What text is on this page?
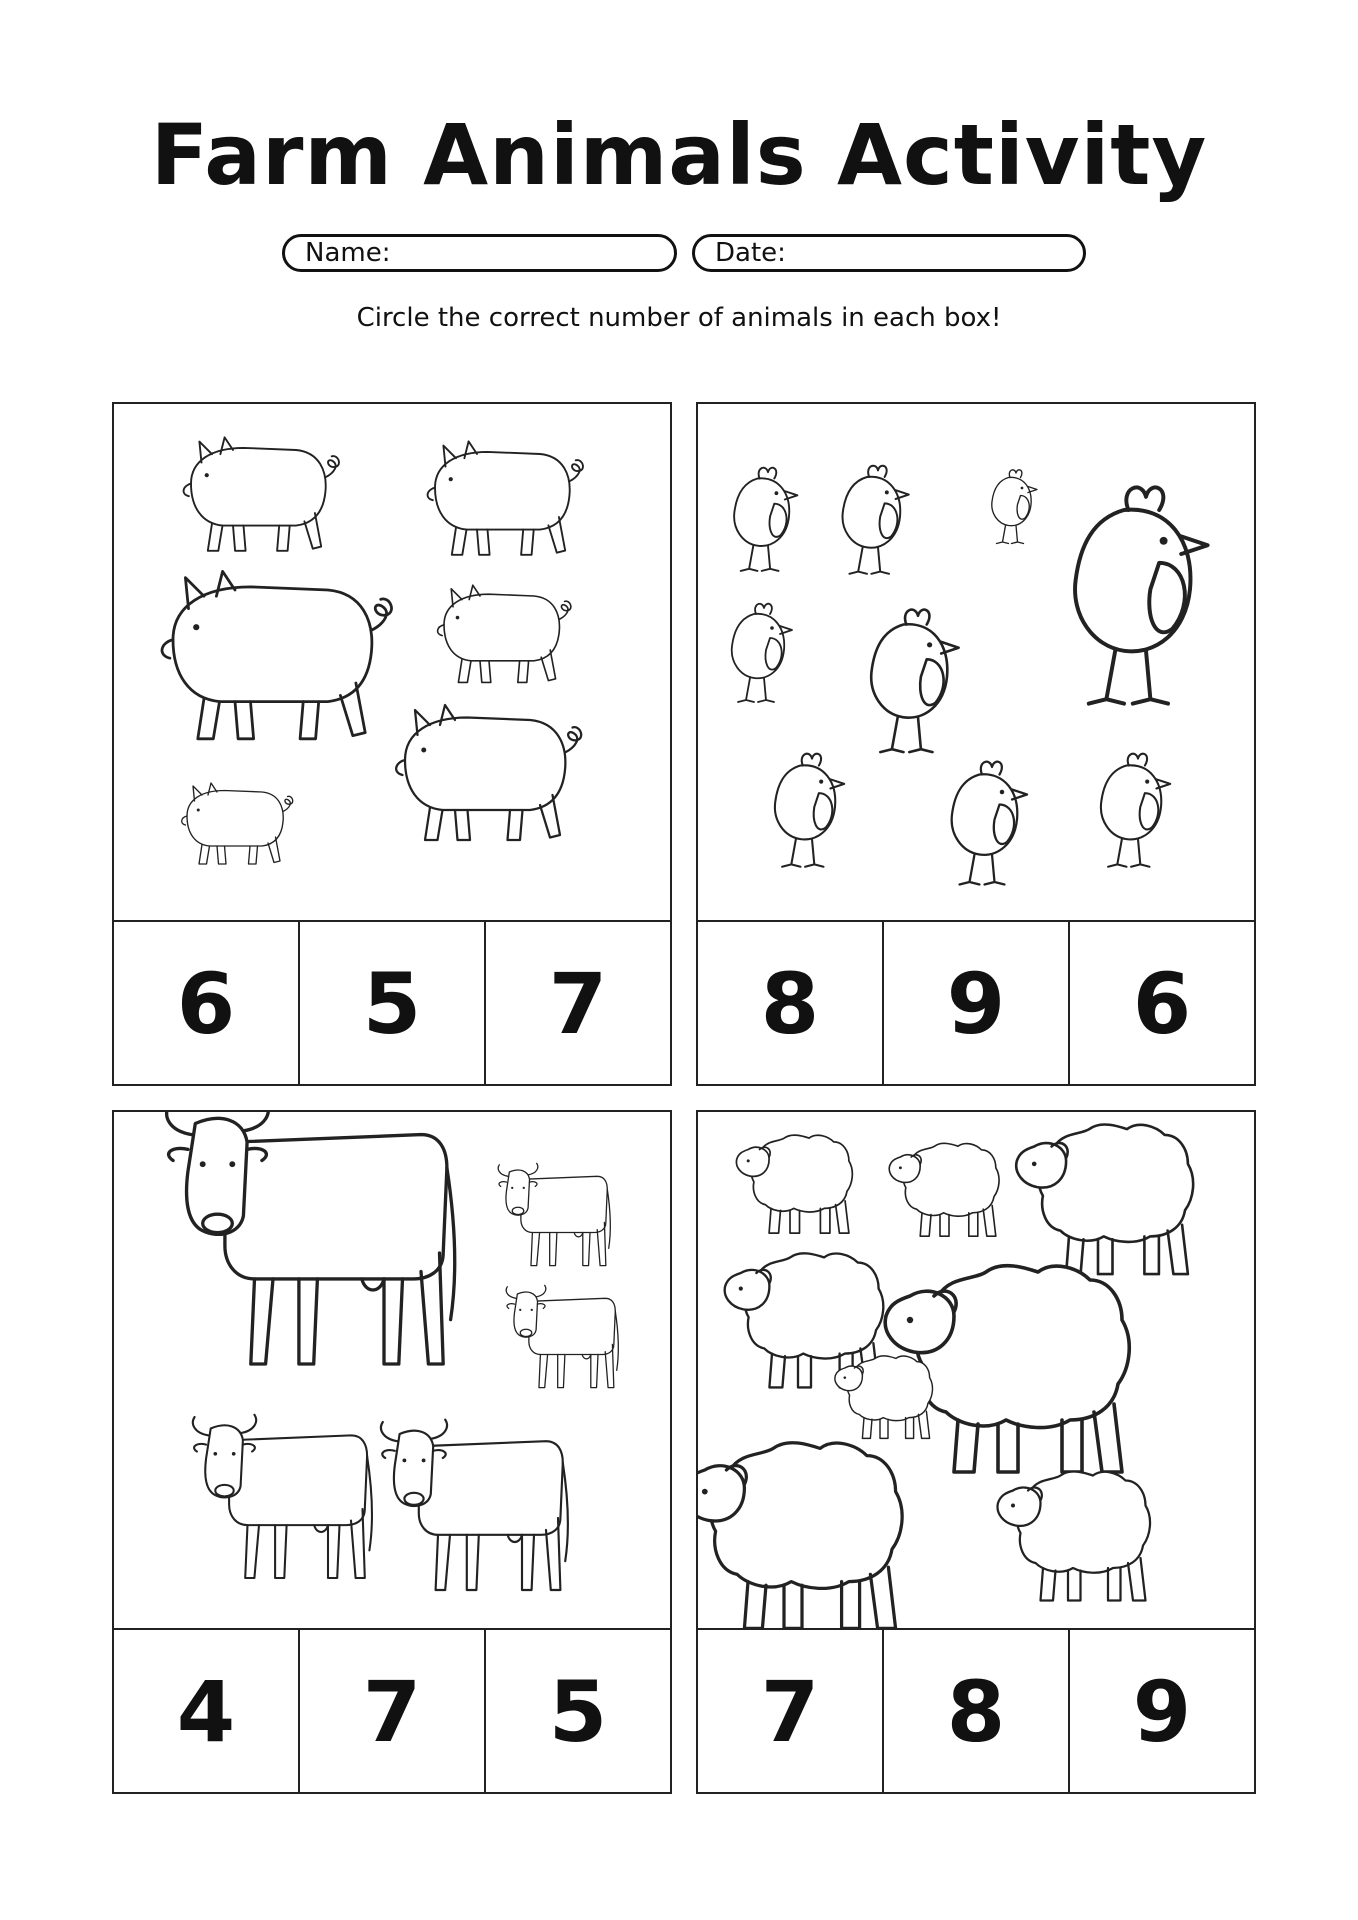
Farm Animals Activity
Name:	Date:
Circle the correct number of animals in each box!
6	5	7	8	9	6
4	7	5	7	8	9
